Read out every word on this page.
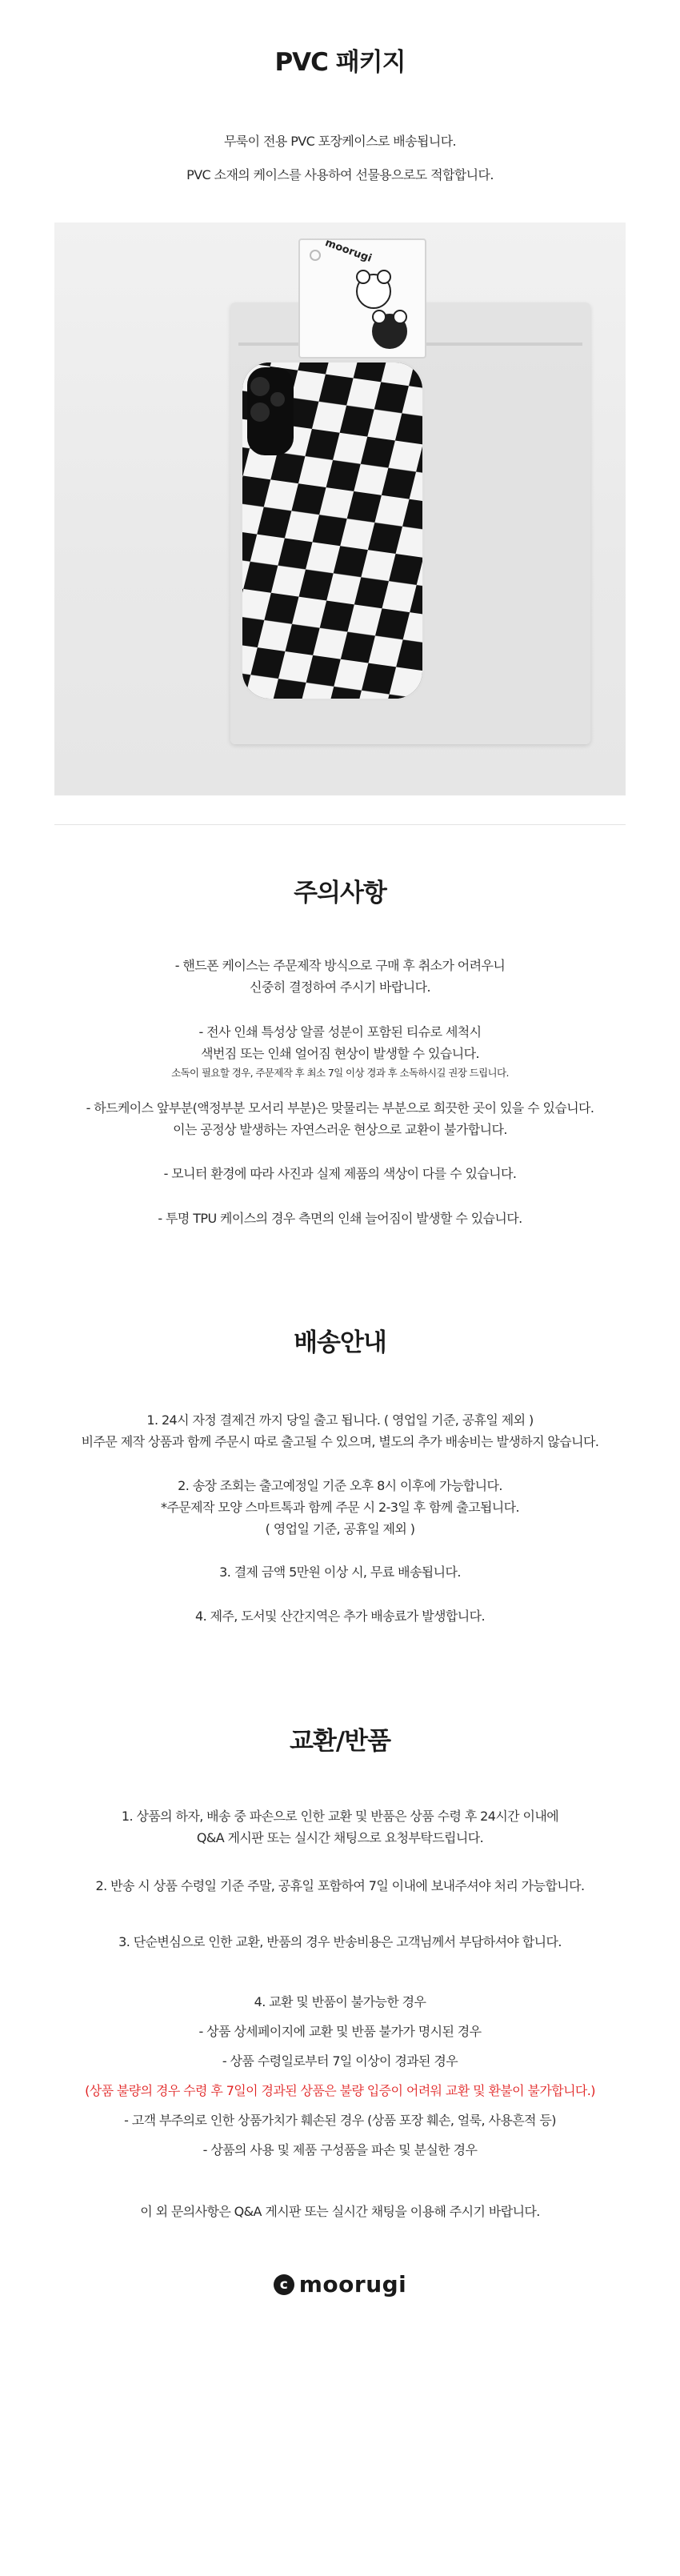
PVC 패키지
무룩이 전용 PVC 포장케이스로 배송됩니다.
PVC 소재의 케이스를 사용하여 선물용으로도 적합합니다.
moorugi
주의사항
- 핸드폰 케이스는 주문제작 방식으로 구매 후 취소가 어려우니
신중히 결정하여 주시기 바랍니다.
- 전사 인쇄 특성상 알콜 성분이 포함된 티슈로 세척시
색번짐 또는 인쇄 얼어짐 현상이 발생할 수 있습니다.
소독이 필요할 경우, 주문제작 후 최소 7일 이상 경과 후 소독하시길 권장 드립니다.
- 하드케이스 앞부분(액정부분 모서리 부분)은 맞물리는 부분으로 희끗한 곳이 있을 수 있습니다.
이는 공정상 발생하는 자연스러운 현상으로 교환이 불가합니다.
- 모니터 환경에 따라 사진과 실제 제품의 색상이 다를 수 있습니다.
- 투명 TPU 케이스의 경우 측면의 인쇄 늘어짐이 발생할 수 있습니다.
배송안내
1. 24시 자정 결제건 까지 당일 출고 됩니다. ( 영업일 기준, 공휴일 제외 )
비주문 제작 상품과 함께 주문시 따로 출고될 수 있으며, 별도의 추가 배송비는 발생하지 않습니다.
2. 송장 조회는 출고예정일 기준 오후 8시 이후에 가능합니다.
*주문제작 모양 스마트톡과 함께 주문 시 2-3일 후 함께 출고됩니다.
( 영업일 기준, 공휴일 제외 )
3. 결제 금액 5만원 이상 시, 무료 배송됩니다.
4. 제주, 도서및 산간지역은 추가 배송료가 발생합니다.
교환/반품
1. 상품의 하자, 배송 중 파손으로 인한 교환 및 반품은 상품 수령 후 24시간 이내에
Q&A 게시판 또는 실시간 채팅으로 요청부탁드립니다.
2. 반송 시 상품 수령일 기준 주말, 공휴일 포함하여 7일 이내에 보내주셔야 처리 가능합니다.
3. 단순변심으로 인한 교환, 반품의 경우 반송비용은 고객님께서 부담하셔야 합니다.
4. 교환 및 반품이 불가능한 경우
- 상품 상세페이지에 교환 및 반품 불가가 명시된 경우
- 상품 수령일로부터 7일 이상이 경과된 경우
(상품 불량의 경우 수령 후 7일이 경과된 상품은 불량 입증이 어려워 교환 및 환불이 불가합니다.)
- 고객 부주의로 인한 상품가치가 훼손된 경우 (상품 포장 훼손, 얼룩, 사용흔적 등)
- 상품의 사용 및 제품 구성품을 파손 및 분실한 경우
이 외 문의사항은 Q&A 게시판 또는 실시간 채팅을 이용해 주시기 바랍니다.
c moorugi
